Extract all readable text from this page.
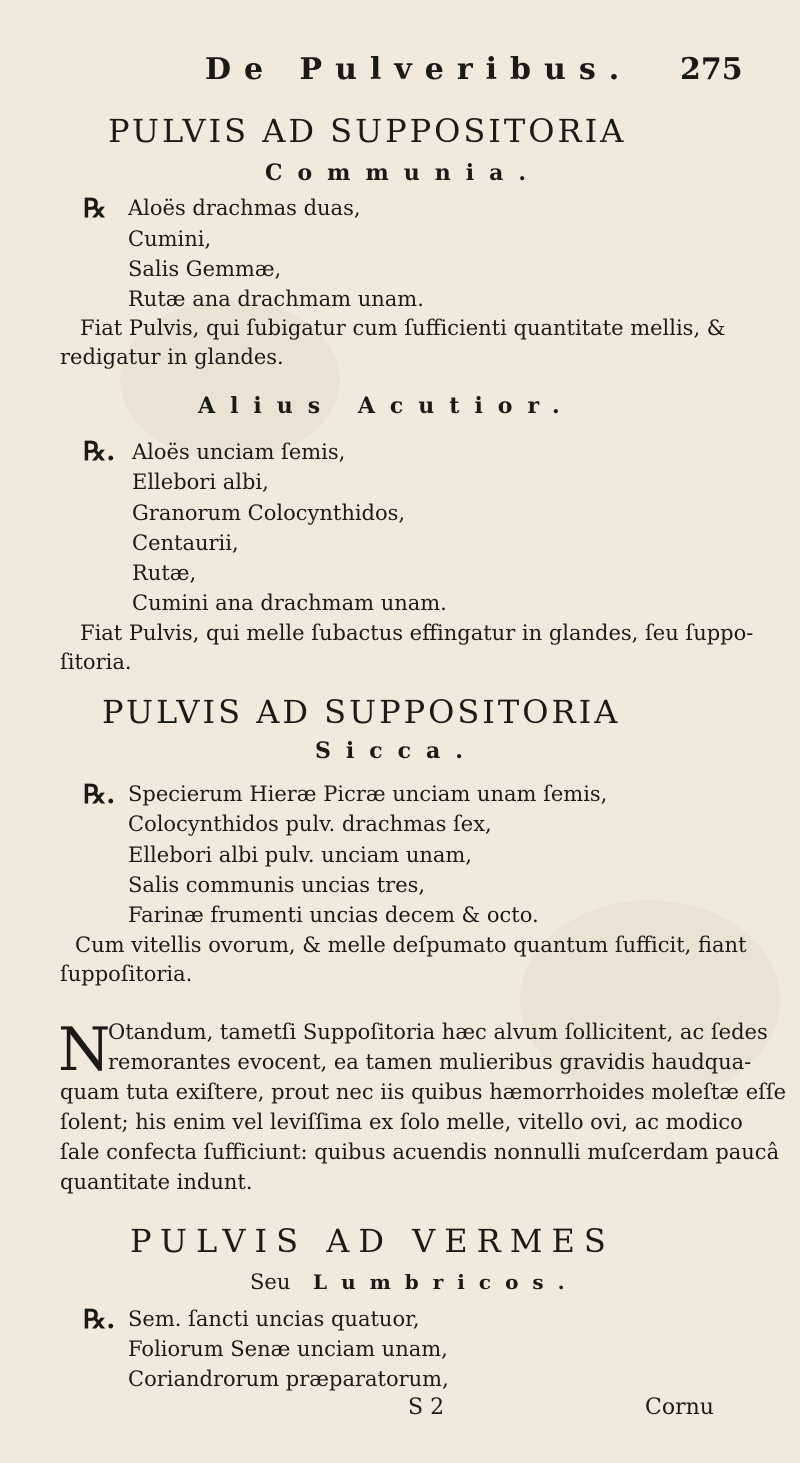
De Pulveribus. 275
PULVIS AD SUPPOSITORIA
Communia.
℞ Aloës drachmas duas,
Cumini,
Salis Gemmæ,
Rutæ ana drachmam unam.
Fiat Pulvis, qui ſubigatur cum ſufficienti quantitate mellis, &
redigatur in glandes.
Alius Acutior.
℞. Aloës unciam ſemis,
Ellebori albi,
Granorum Colocynthidos,
Centaurii,
Rutæ,
Cumini ana drachmam unam.
Fiat Pulvis, qui melle ſubactus effingatur in glandes, ſeu ſuppo-
ſitoria.
PULVIS AD SUPPOSITORIA
Sicca.
℞. Specierum Hieræ Picræ unciam unam ſemis,
Colocynthidos pulv. drachmas ſex,
Ellebori albi pulv. unciam unam,
Salis communis uncias tres,
Farinæ frumenti uncias decem & octo.
Cum vitellis ovorum, & melle deſpumato quantum ſufficit, fiant
ſuppoſitoria.
N
Otandum, tametſi Suppoſitoria hæc alvum ſollicitent, ac ſedes
remorantes evocent, ea tamen mulieribus gravidis haudqua-
quam tuta exiſtere, prout nec iis quibus hæmorrhoides moleſtæ eſſe
ſolent; his enim vel leviſſima ex ſolo melle, vitello ovi, ac modico
ſale confecta ſufficiunt: quibus acuendis nonnulli muſcerdam paucâ
quantitate indunt.
PULVIS AD VERMES
Seu Lumbricos.
℞. Sem. ſancti uncias quatuor,
Foliorum Senæ unciam unam,
Coriandrorum præparatorum,
S 2	Cornu
